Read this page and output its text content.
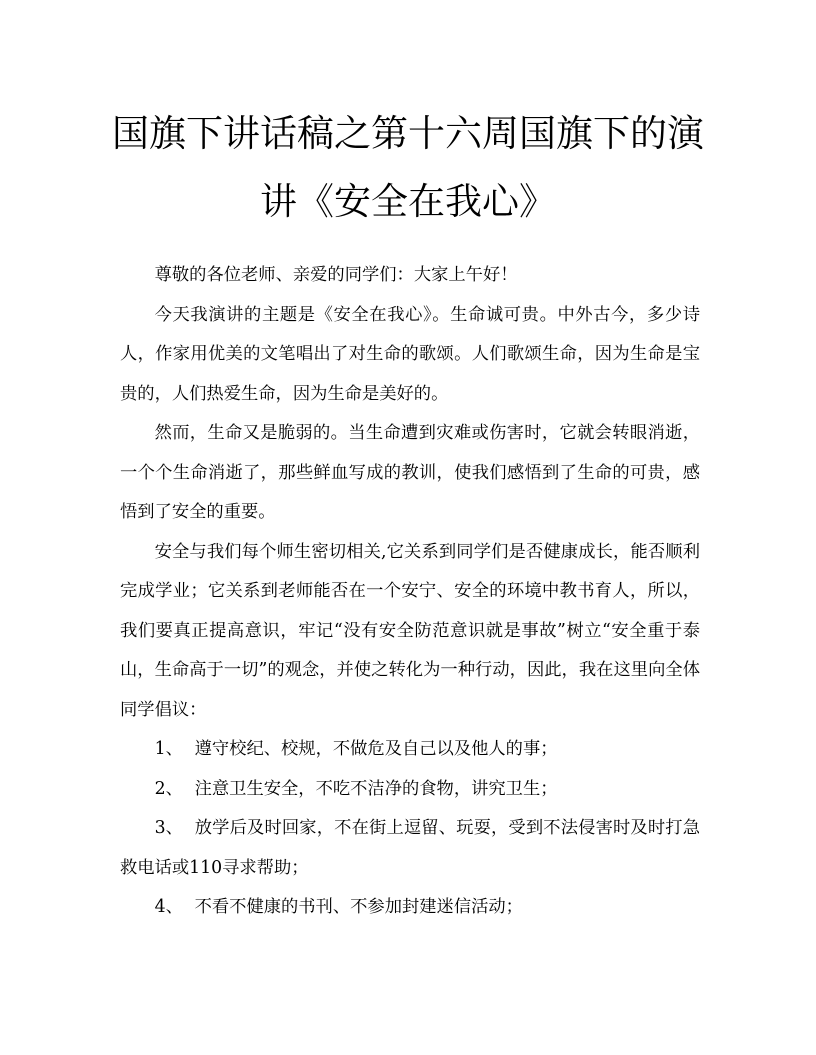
国旗下讲话稿之第十六周国旗下的演
讲《安全在我心》

尊敬的各位老师、亲爱的同学们：大家上午好！

今天我演讲的主题是《安全在我心》。生命诚可贵。中外古今，多少诗人，作家用优美的文笔唱出了对生命的歌颂。人们歌颂生命，因为生命是宝贵的，人们热爱生命，因为生命是美好的。

然而，生命又是脆弱的。当生命遭到灾难或伤害时，它就会转眼消逝，一个个生命消逝了，那些鲜血写成的教训，使我们感悟到了生命的可贵，感悟到了安全的重要。

安全与我们每个师生密切相关,它关系到同学们是否健康成长，能否顺利完成学业；它关系到老师能否在一个安宁、安全的环境中教书育人，所以，我们要真正提高意识，牢记“没有安全防范意识就是事故”树立“安全重于泰山，生命高于一切”的观念，并使之转化为一种行动，因此，我在这里向全体同学倡议：

1、 遵守校纪、校规，不做危及自己以及他人的事；

2、 注意卫生安全，不吃不洁净的食物，讲究卫生；

3、 放学后及时回家，不在街上逗留、玩耍，受到不法侵害时及时打急救电话或110寻求帮助；

4、 不看不健康的书刊、不参加封建迷信活动；
